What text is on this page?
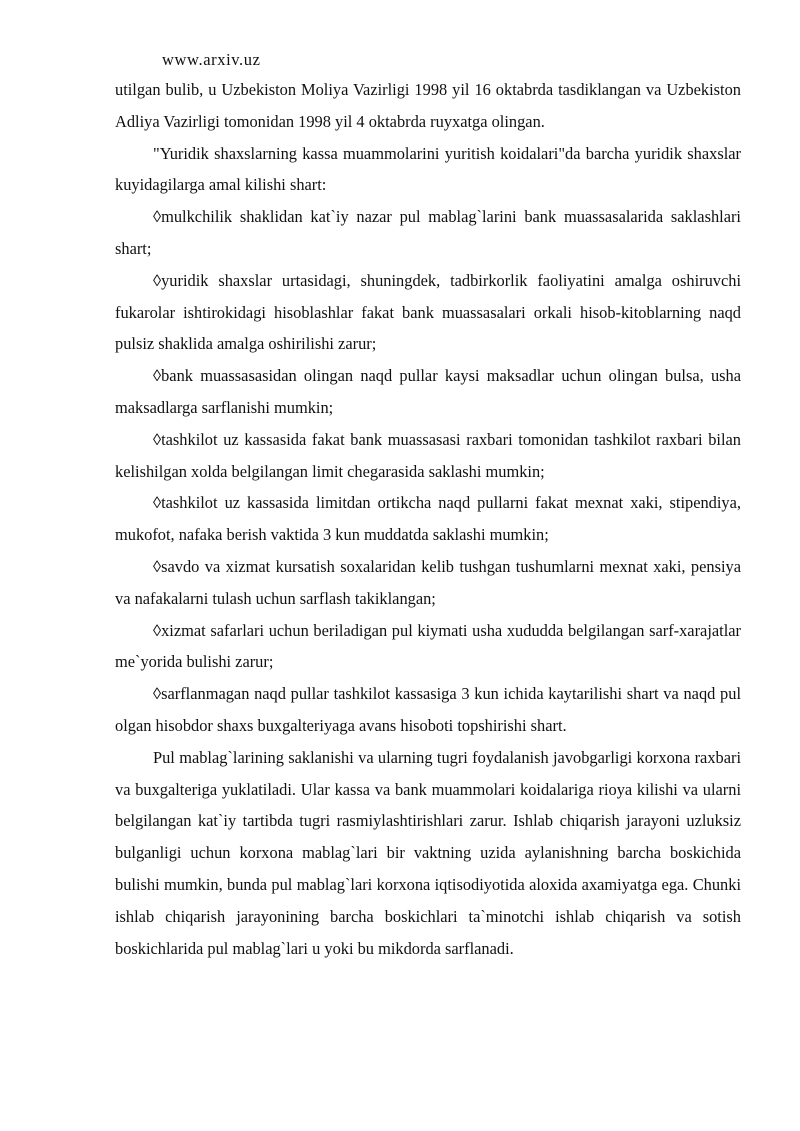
www.arxiv.uz

utilgan bulib, u Uzbekiston Moliya Vazirligi 1998 yil 16 oktabrda tasdiklangan va Uzbekiston Adliya Vazirligi tomonidan 1998 yil 4 oktabrda ruyxatga olingan.

"Yuridik shaxslarning kassa muammolarini yuritish koidalari"da barcha yuridik shaxslar kuyidagilarga amal kilishi shart:

◊mulkchilik shaklidan kat`iy nazar pul mablag`larini bank muassasalarida saklashlari shart;

◊yuridik shaxslar urtasidagi, shuningdek, tadbirkorlik faoliyatini amalga oshiruvchi fukarolar ishtirokidagi hisoblashlar fakat bank muassasalari orkali hisob-kitoblarning naqd pulsiz shaklida amalga oshirilishi zarur;

◊bank muassasasidan olingan naqd pullar kaysi maksadlar uchun olingan bulsa, usha maksadlarga sarflanishi mumkin;

◊tashkilot uz kassasida fakat bank muassasasi raxbari tomonidan tashkilot raxbari bilan kelishilgan xolda belgilangan limit chegarasida saklashi mumkin;

◊tashkilot uz kassasida limitdan ortikcha naqd pullarni fakat mexnat xaki, stipendiya, mukofot, nafaka berish vaktida 3 kun muddatda saklashi mumkin;

◊savdo va xizmat kursatish soxalaridan kelib tushgan tushumlarni mexnat xaki, pensiya va nafakalarni tulash uchun sarflash takiklangan;

◊xizmat safarlari uchun beriladigan pul kiymati usha xududda belgilangan sarf-xarajatlar me`yorida bulishi zarur;

◊sarflanmagan naqd pullar tashkilot kassasiga 3 kun ichida kaytarilishi shart va naqd pul olgan hisobdor shaxs buxgalteriyaga avans hisoboti topshirishi shart.

Pul mablag`larining saklanishi va ularning tugri foydalanish javobgarligi korxona raxbari va buxgalteriga yuklatiladi. Ular kassa va bank muammolari koidalariga rioya kilishi va ularni belgilangan kat`iy tartibda tugri rasmiylashtirishlari zarur. Ishlab chiqarish jarayoni uzluksiz bulganligi uchun korxona mablag`lari bir vaktning uzida aylanishning barcha boskichida bulishi mumkin, bunda pul mablag`lari korxona iqtisodiyotida aloxida axamiyatga ega. Chunki ishlab chiqarish jarayonining barcha boskichlari ta`minotchi ishlab chiqarish va sotish boskichlarida pul mablag`lari u yoki bu mikdorda sarflanadi.
